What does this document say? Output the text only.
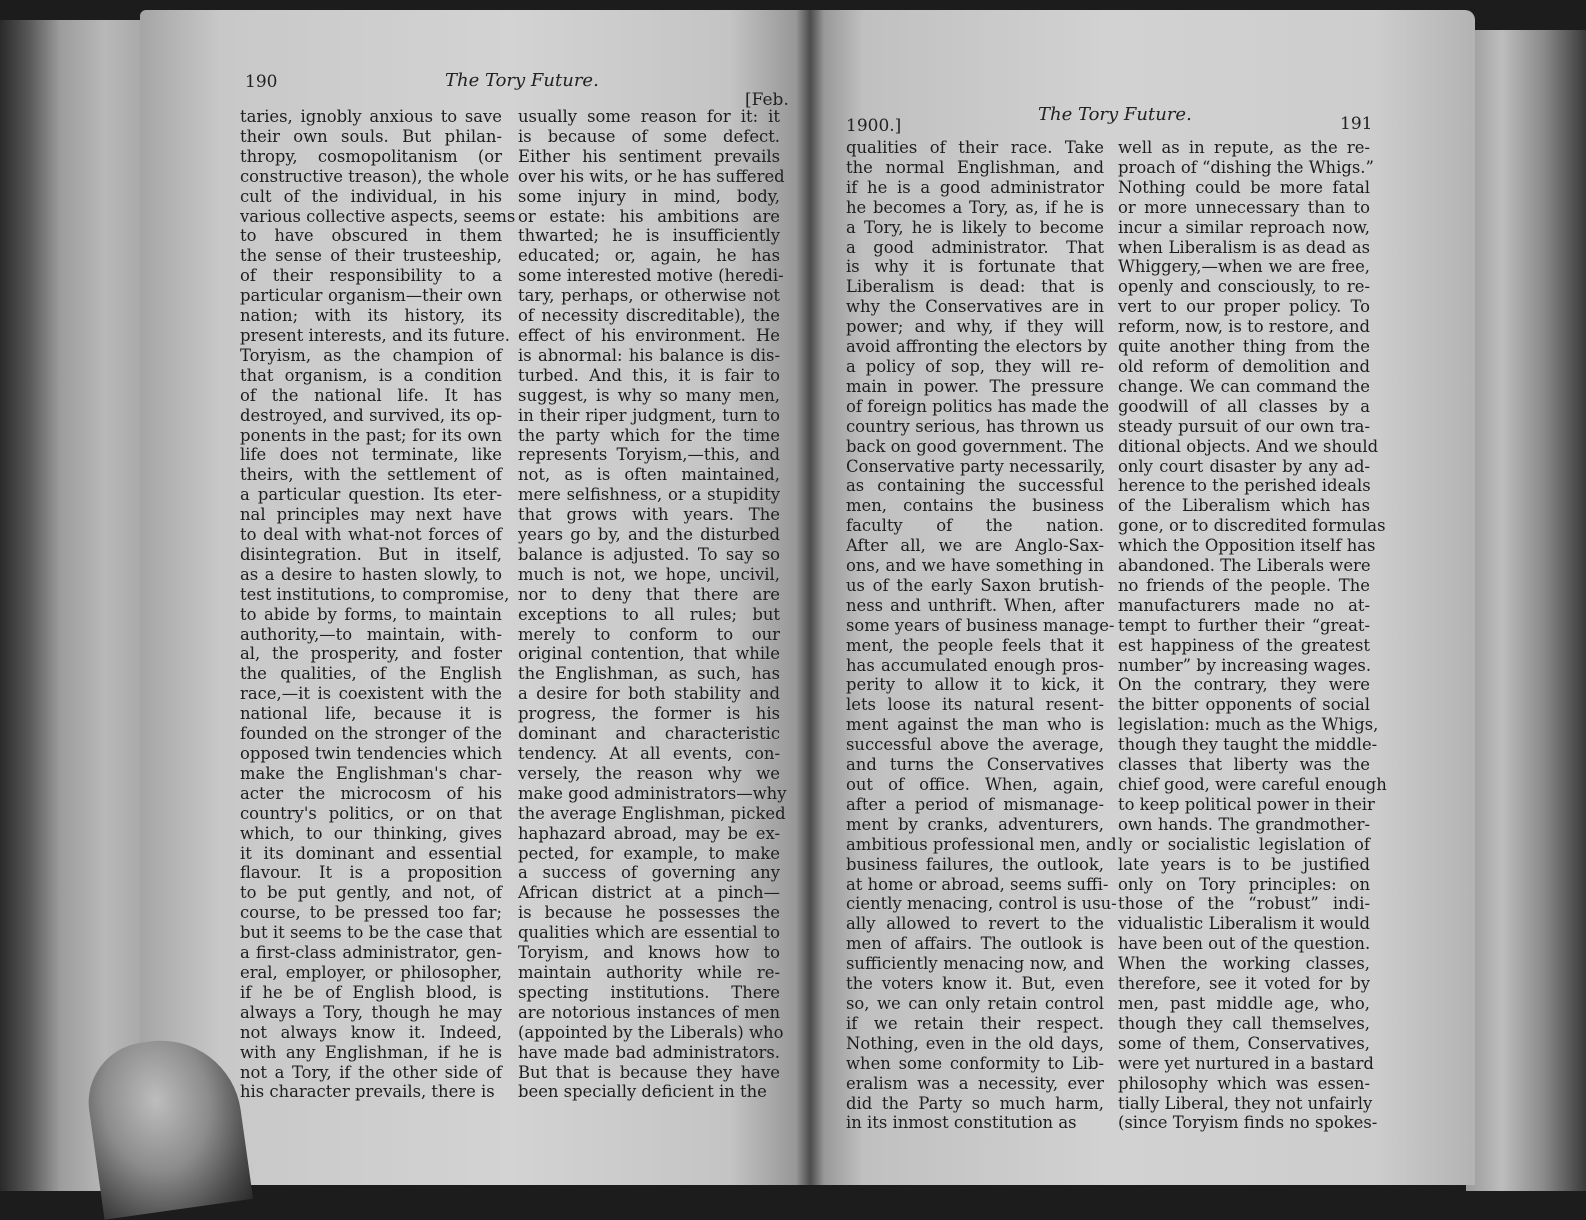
190	The Tory Future.
[Feb.

taries, ignobly anxious to save

their own souls. But philan-

thropy, cosmopolitanism (or

constructive treason), the whole

cult of the individual, in his

various collective aspects, seems

to have obscured in them

the sense of their trusteeship,

of their responsibility to a

particular organism—their own

nation; with its history, its

present interests, and its future.

Toryism, as the champion of

that organism, is a condition

of the national life. It has

destroyed, and survived, its op-

ponents in the past; for its own

life does not terminate, like

theirs, with the settlement of

a particular question. Its eter-

nal principles may next have

to deal with what-not forces of

disintegration. But in itself,

as a desire to hasten slowly, to

test institutions, to compromise,

to abide by forms, to maintain

authority,—to maintain, with-

al, the prosperity, and foster

the qualities, of the English

race,—it is coexistent with the

national life, because it is

founded on the stronger of the

opposed twin tendencies which

make the Englishman's char-

acter the microcosm of his

country's politics, or on that

which, to our thinking, gives

it its dominant and essential

flavour. It is a proposition

to be put gently, and not, of

course, to be pressed too far;

but it seems to be the case that

a first-class administrator, gen-

eral, employer, or philosopher,

if he be of English blood, is

always a Tory, though he may

not always know it. Indeed,

with any Englishman, if he is

not a Tory, if the other side of

his character prevails, there is

usually some reason for it: it

is because of some defect.

Either his sentiment prevails

over his wits, or he has suffered

some injury in mind, body,

or estate: his ambitions are

thwarted; he is insufficiently

educated; or, again, he has

some interested motive (heredi-

tary, perhaps, or otherwise not

of necessity discreditable), the

effect of his environment. He

is abnormal: his balance is dis-

turbed. And this, it is fair to

suggest, is why so many men,

in their riper judgment, turn to

the party which for the time

represents Toryism,—this, and

not, as is often maintained,

mere selfishness, or a stupidity

that grows with years. The

years go by, and the disturbed

balance is adjusted. To say so

much is not, we hope, uncivil,

nor to deny that there are

exceptions to all rules; but

merely to conform to our

original contention, that while

the Englishman, as such, has

a desire for both stability and

progress, the former is his

dominant and characteristic

tendency. At all events, con-

versely, the reason why we

make good administrators—why

the average Englishman, picked

haphazard abroad, may be ex-

pected, for example, to make

a success of governing any

African district at a pinch—

is because he possesses the

qualities which are essential to

Toryism, and knows how to

maintain authority while re-

specting institutions. There

are notorious instances of men

(appointed by the Liberals) who

have made bad administrators.

But that is because they have

been specially deficient in the

1900.]
The Tory Future.	191

qualities of their race. Take

the normal Englishman, and

if he is a good administrator

he becomes a Tory, as, if he is

a Tory, he is likely to become

a good administrator. That

is why it is fortunate that

Liberalism is dead: that is

why the Conservatives are in

power; and why, if they will

avoid affronting the electors by

a policy of sop, they will re-

main in power. The pressure

of foreign politics has made the

country serious, has thrown us

back on good government. The

Conservative party necessarily,

as containing the successful

men, contains the business

faculty of the nation.

After all, we are Anglo-Sax-

ons, and we have something in

us of the early Saxon brutish-

ness and unthrift. When, after

some years of business manage-

ment, the people feels that it

has accumulated enough pros-

perity to allow it to kick, it

lets loose its natural resent-

ment against the man who is

successful above the average,

and turns the Conservatives

out of office. When, again,

after a period of mismanage-

ment by cranks, adventurers,

ambitious professional men, and

business failures, the outlook,

at home or abroad, seems suffi-

ciently menacing, control is usu-

ally allowed to revert to the

men of affairs. The outlook is

sufficiently menacing now, and

the voters know it. But, even

so, we can only retain control

if we retain their respect.

Nothing, even in the old days,

when some conformity to Lib-

eralism was a necessity, ever

did the Party so much harm,

in its inmost constitution as

well as in repute, as the re-

proach of “dishing the Whigs.”

Nothing could be more fatal

or more unnecessary than to

incur a similar reproach now,

when Liberalism is as dead as

Whiggery,—when we are free,

openly and consciously, to re-

vert to our proper policy. To

reform, now, is to restore, and

quite another thing from the

old reform of demolition and

change. We can command the

goodwill of all classes by a

steady pursuit of our own tra-

ditional objects. And we should

only court disaster by any ad-

herence to the perished ideals

of the Liberalism which has

gone, or to discredited formulas

which the Opposition itself has

abandoned. The Liberals were

no friends of the people. The

manufacturers made no at-

tempt to further their “great-

est happiness of the greatest

number” by increasing wages.

On the contrary, they were

the bitter opponents of social

legislation: much as the Whigs,

though they taught the middle-

classes that liberty was the

chief good, were careful enough

to keep political power in their

own hands. The grandmother-

ly or socialistic legislation of

late years is to be justified

only on Tory principles: on

those of the “robust” indi-

vidualistic Liberalism it would

have been out of the question.

When the working classes,

therefore, see it voted for by

men, past middle age, who,

though they call themselves,

some of them, Conservatives,

were yet nurtured in a bastard

philosophy which was essen-

tially Liberal, they not unfairly

(since Toryism finds no spokes-
